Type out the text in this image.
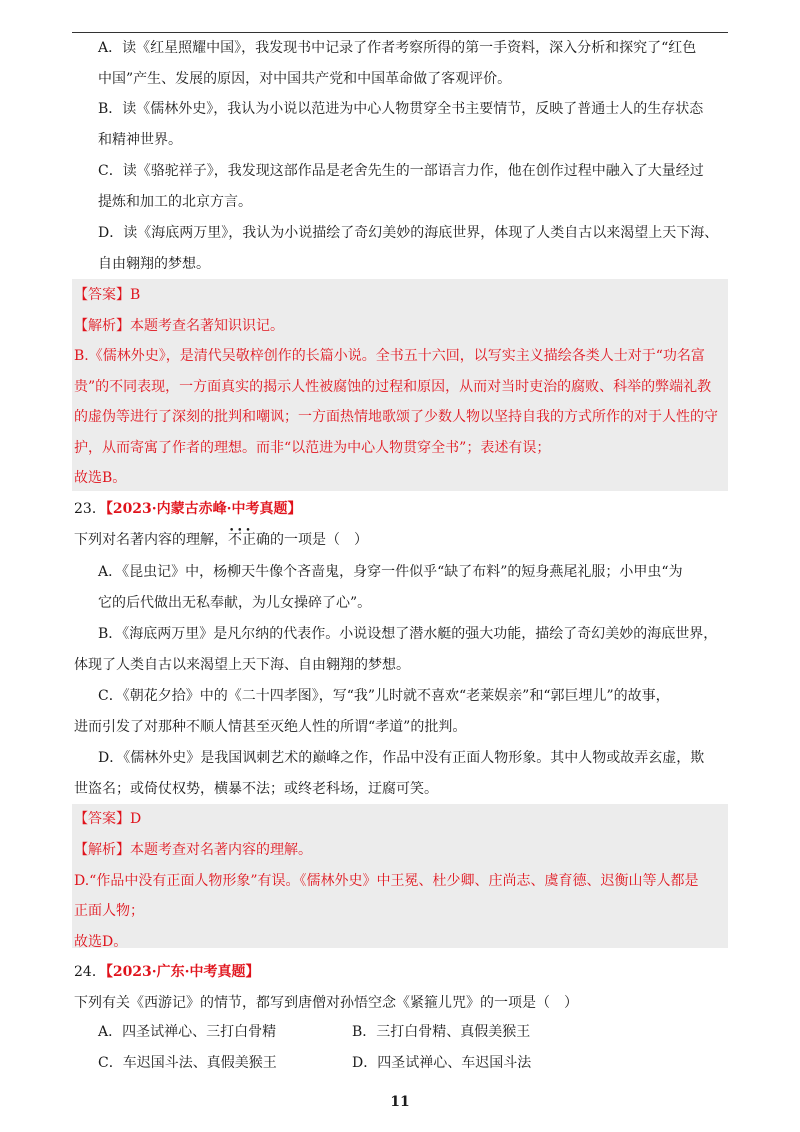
A．读《红星照耀中国》，我发现书中记录了作者考察所得的第一手资料，深入分析和探究了“红色
中国”产生、发展的原因，对中国共产党和中国革命做了客观评价。
B．读《儒林外史》，我认为小说以范进为中心人物贯穿全书主要情节，反映了普通士人的生存状态
和精神世界。
C．读《骆驼祥子》，我发现这部作品是老舍先生的一部语言力作，他在创作过程中融入了大量经过
提炼和加工的北京方言。
D．读《海底两万里》，我认为小说描绘了奇幻美妙的海底世界，体现了人类自古以来渴望上天下海、
自由翱翔的梦想。
【答案】B
【解析】本题考查名著知识识记。
B.《儒林外史》，是清代吴敬梓创作的长篇小说。全书五十六回，以写实主义描绘各类人士对于“功名富
贵”的不同表现，一方面真实的揭示人性被腐蚀的过程和原因，从而对当时吏治的腐败、科举的弊端礼教
的虚伪等进行了深刻的批判和嘲讽；一方面热情地歌颂了少数人物以坚持自我的方式所作的对于人性的守
护，从而寄寓了作者的理想。而非“以范进为中心人物贯穿全书”；表述有误；
故选B。
23．【2023·内蒙古赤峰·中考真题】
下列对名著内容的理解，• • • 不正确的一项是（　）
A．《昆虫记》中，杨柳天牛像个吝啬鬼，身穿一件似乎“缺了布料”的短身燕尾礼服；小甲虫“为
它的后代做出无私奉献，为儿女操碎了心”。
B．《海底两万里》是凡尔纳的代表作。小说设想了潜水艇的强大功能，描绘了奇幻美妙的海底世界，
体现了人类自古以来渴望上天下海、自由翱翔的梦想。
C．《朝花夕拾》中的《二十四孝图》，写“我”儿时就不喜欢“老莱娱亲”和“郭巨埋儿”的故事，
进而引发了对那种不顺人情甚至灭绝人性的所谓“孝道”的批判。
D．《儒林外史》是我国讽刺艺术的巅峰之作，作品中没有正面人物形象。其中人物或故弄玄虚，欺
世盗名；或倚仗权势，横暴不法；或终老科场，迂腐可笑。
【答案】D
【解析】本题考查对名著内容的理解。
D.“作品中没有正面人物形象”有误。《儒林外史》中王冕、杜少卿、庄尚志、虞育德、迟衡山等人都是
正面人物；
故选D。
24．【2023·广东·中考真题】
下列有关《西游记》的情节，都写到唐僧对孙悟空念《紧箍儿咒》的一项是（　）
A．四圣试禅心、三打白骨精	B．三打白骨精、真假美猴王
C．车迟国斗法、真假美猴王	D．四圣试禅心、车迟国斗法
11
